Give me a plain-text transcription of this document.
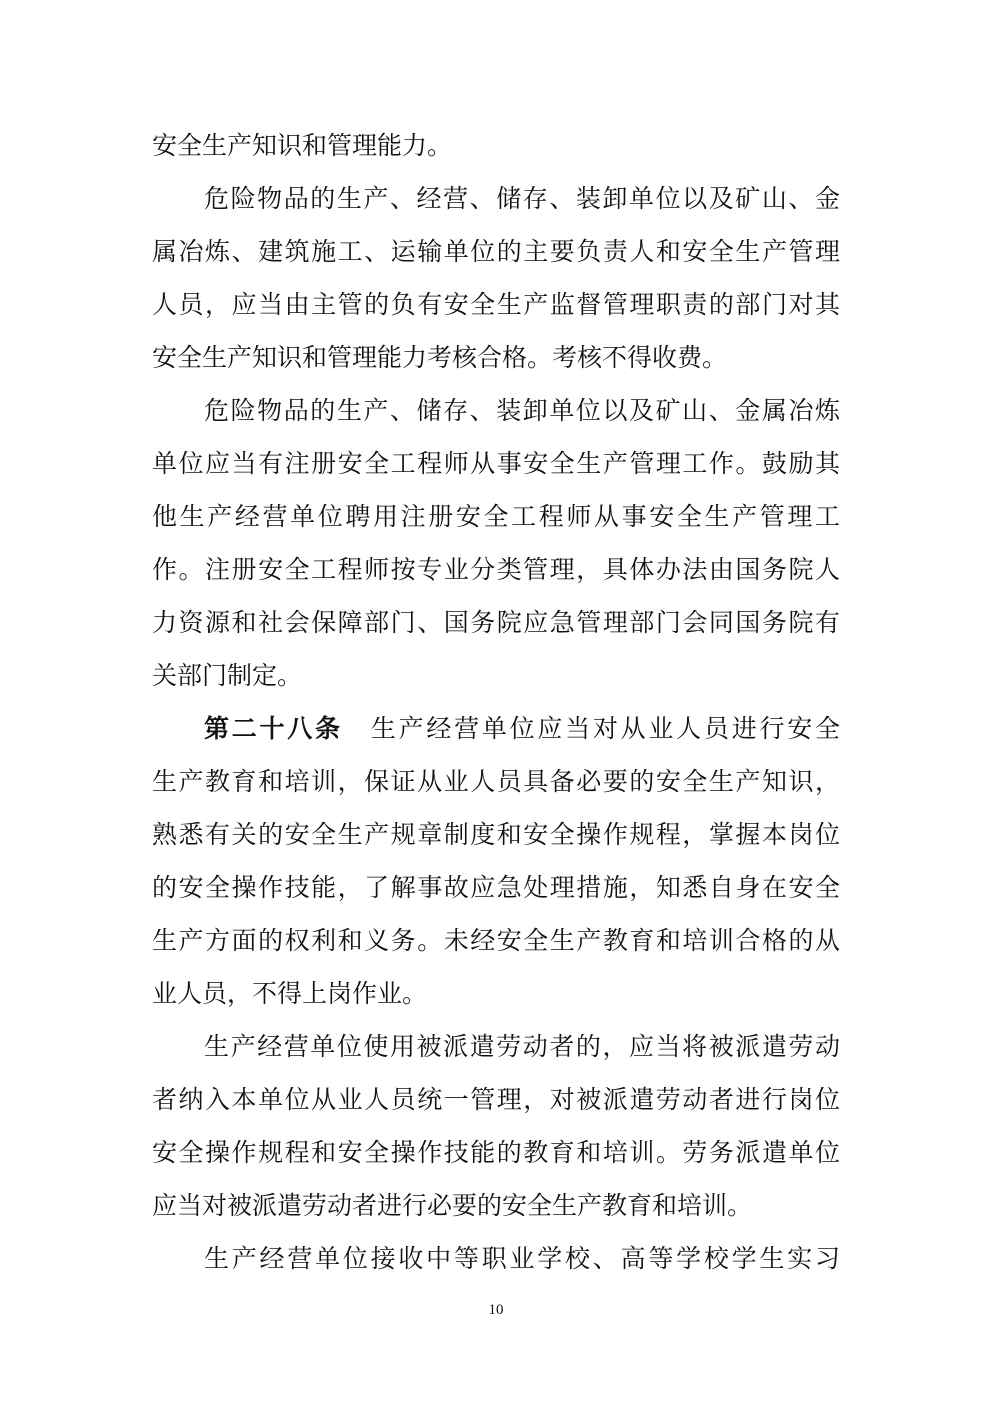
安全生产知识和管理能力。

危险物品的生产、经营、储存、装卸单位以及矿山、金

属冶炼、建筑施工、运输单位的主要负责人和安全生产管理

人员，应当由主管的负有安全生产监督管理职责的部门对其

安全生产知识和管理能力考核合格。考核不得收费。

危险物品的生产、储存、装卸单位以及矿山、金属冶炼

单位应当有注册安全工程师从事安全生产管理工作。鼓励其

他生产经营单位聘用注册安全工程师从事安全生产管理工

作。注册安全工程师按专业分类管理，具体办法由国务院人

力资源和社会保障部门、国务院应急管理部门会同国务院有

关部门制定。

第二十八条 生产经营单位应当对从业人员进行安全

生产教育和培训，保证从业人员具备必要的安全生产知识，

熟悉有关的安全生产规章制度和安全操作规程，掌握本岗位

的安全操作技能，了解事故应急处理措施，知悉自身在安全

生产方面的权利和义务。未经安全生产教育和培训合格的从

业人员，不得上岗作业。

生产经营单位使用被派遣劳动者的，应当将被派遣劳动

者纳入本单位从业人员统一管理，对被派遣劳动者进行岗位

安全操作规程和安全操作技能的教育和培训。劳务派遣单位

应当对被派遣劳动者进行必要的安全生产教育和培训。

生产经营单位接收中等职业学校、高等学校学生实习

10
